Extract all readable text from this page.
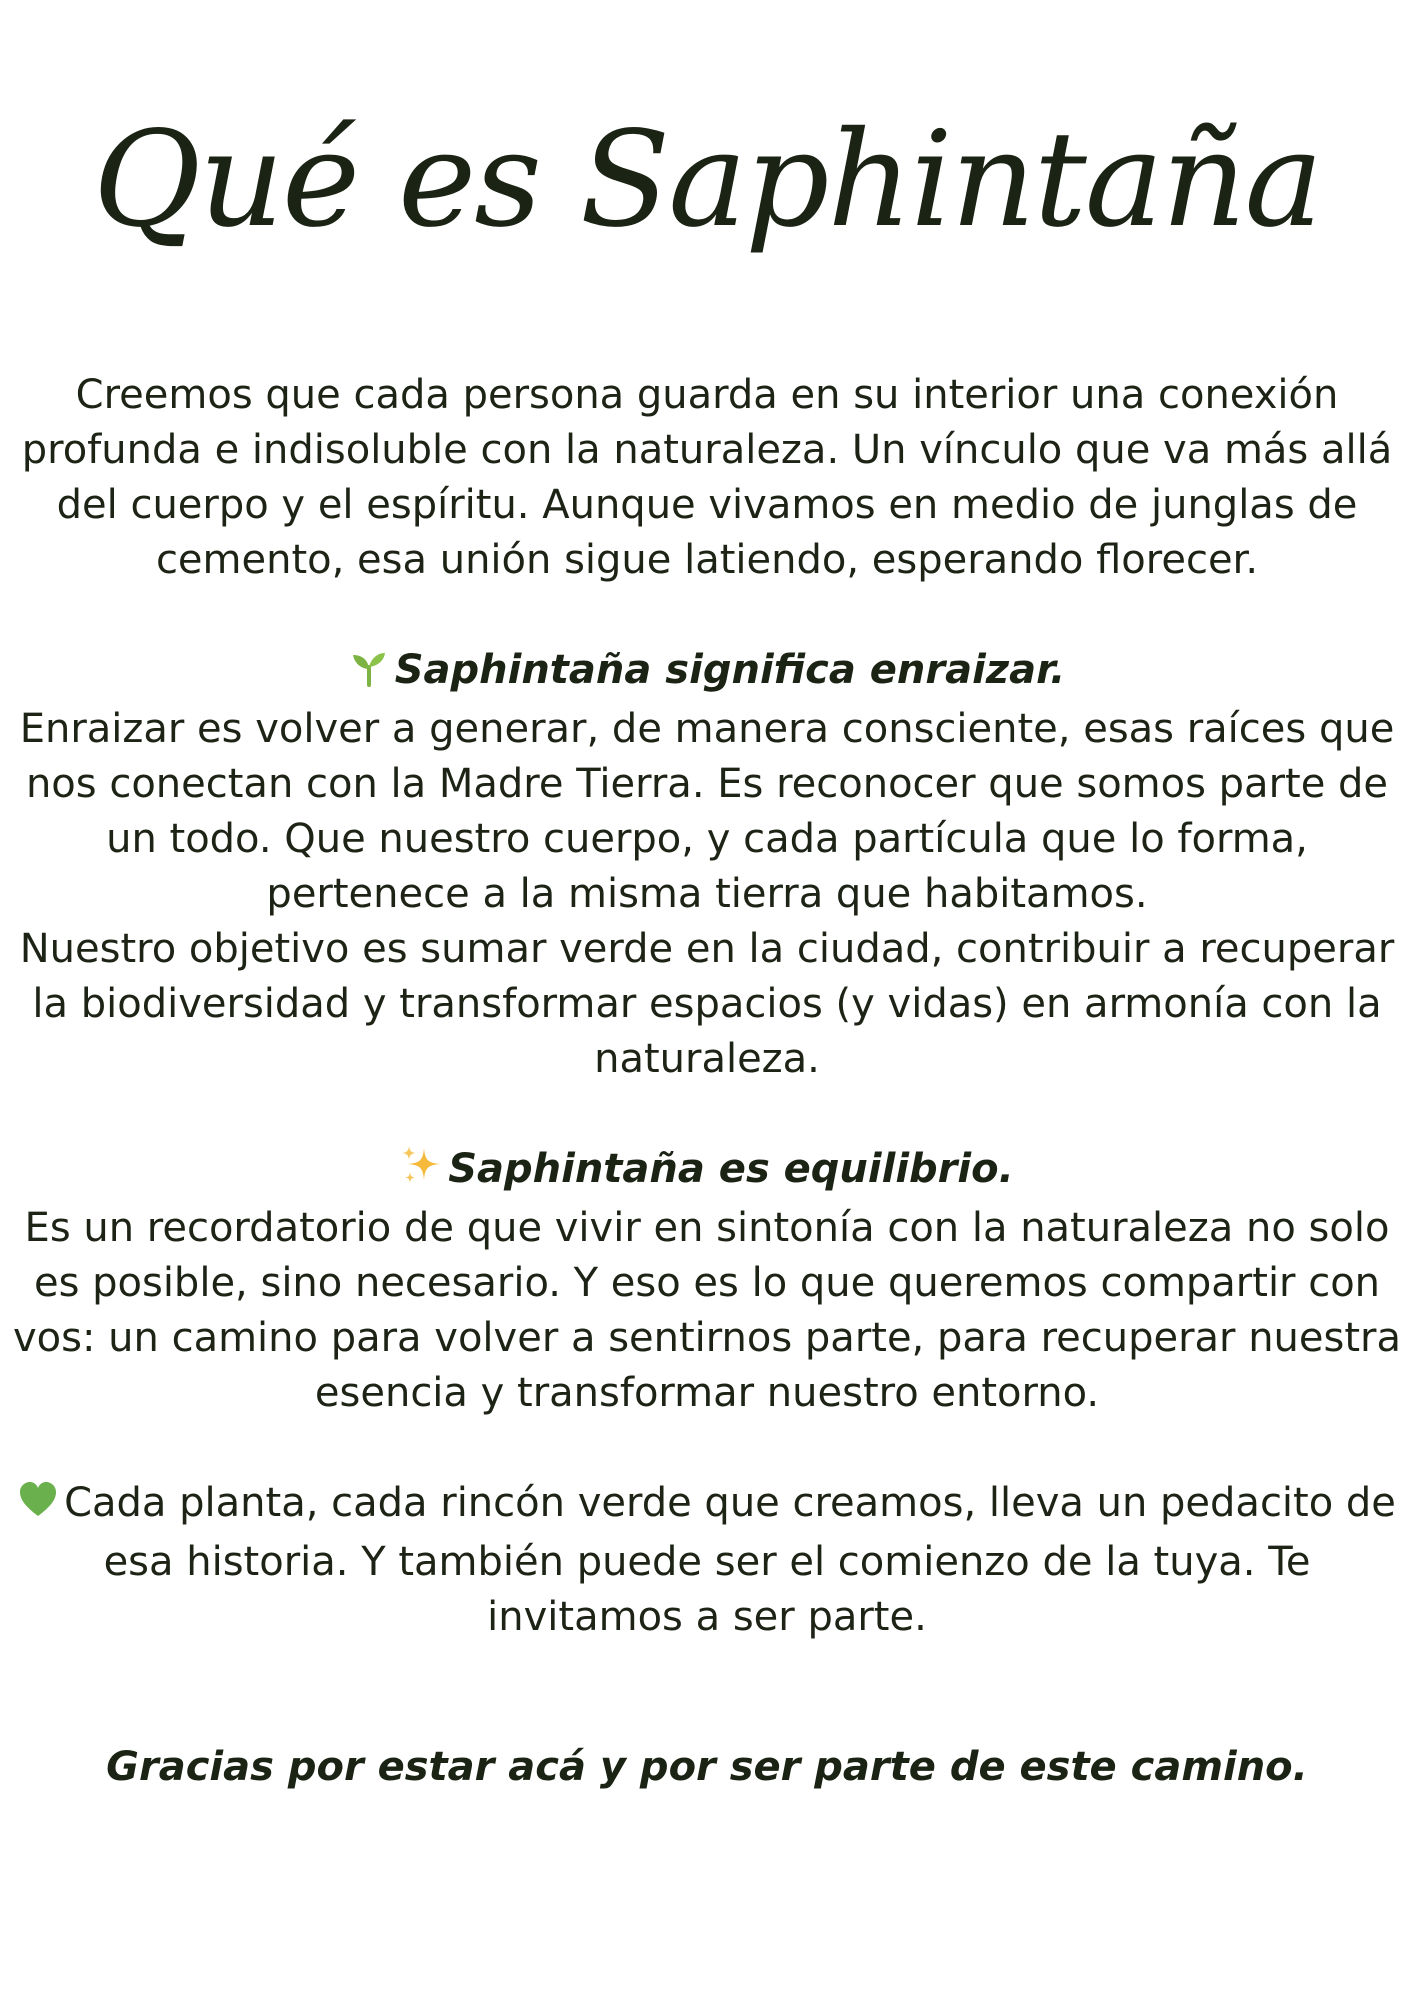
Qué es Saphintaña

Creemos que cada persona guarda en su interior una conexión profunda e indisoluble con la naturaleza. Un vínculo que va más allá del cuerpo y el espíritu. Aunque vivamos en medio de junglas de cemento, esa unión sigue latiendo, esperando florecer.

Saphintaña significa enraizar.

Enraizar es volver a generar, de manera consciente, esas raíces que nos conectan con la Madre Tierra. Es reconocer que somos parte de un todo. Que nuestro cuerpo, y cada partícula que lo forma, pertenece a la misma tierra que habitamos.

Nuestro objetivo es sumar verde en la ciudad, contribuir a recuperar la biodiversidad y transformar espacios (y vidas) en armonía con la naturaleza.

Saphintaña es equilibrio.

Es un recordatorio de que vivir en sintonía con la naturaleza no solo es posible, sino necesario. Y eso es lo que queremos compartir con vos: un camino para volver a sentirnos parte, para recuperar nuestra esencia y transformar nuestro entorno.

Cada planta, cada rincón verde que creamos, lleva un pedacito de esa historia. Y también puede ser el comienzo de la tuya. Te invitamos a ser parte.

Gracias por estar acá y por ser parte de este camino.
